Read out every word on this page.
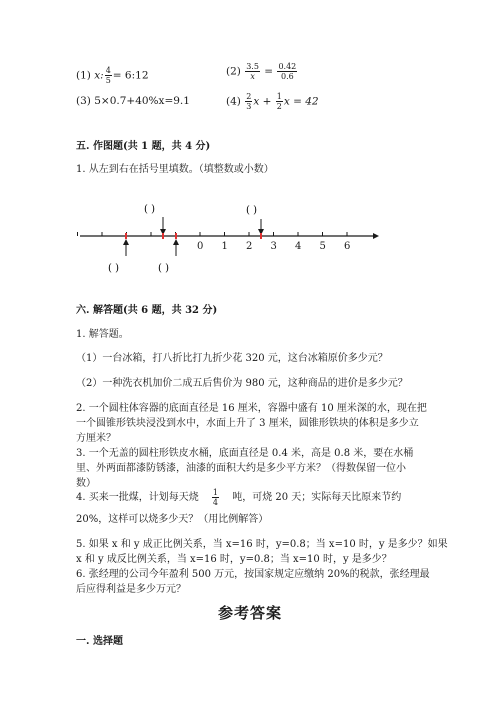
(1) x: $\frac{4}{5}$ = 6:12	$(2) \frac{3.5}{x} = \frac{0.42}{0.6}$
(3) 5×0.7+40%x=9.1	$(4) \frac{2}{3}$ $x + \frac{1}{2}$ x = 42
五. 作图题(共 1 题，共 4 分)
1. 从左到右在括号里填数。（填整数或小数）
( )	( )
0 1 2 3 4 5 6
( )	( )
六. 解答题(共 6 题，共 32 分)
1. 解答题。
（1）一台冰箱，打八折比打九折少花 320 元，这台冰箱原价多少元？
（2）一种洗衣机加价二成五后售价为 980 元，这种商品的进价是多少元？
2. 一个圆柱体容器的底面直径是 16 厘米，容器中盛有 10 厘米深的水，现在把
一个圆锥形铁块浸没到水中，水面上升了 3 厘米，圆锥形铁块的体积是多少立
方厘米？
3. 一个无盖的圆柱形铁皮水桶，底面直径是 0.4 米，高是 0.8 米，要在水桶
里、外两面都漆防锈漆，油漆的面积大约是多少平方米？（得数保留一位小
数）
4. 买来一批煤，计划每天烧 $\frac{1}{4}$ 吨，可烧 20 天；实际每天比原来节约
20%，这样可以烧多少天？（用比例解答）
5. 如果 x 和 y 成正比例关系，当 x=16 时，y=0.8；当 x=10 时，y 是多少？如果
x 和 y 成反比例关系，当 x=16 时，y=0.8；当 x=10 时，y 是多少？
6. 张经理的公司今年盈利 500 万元，按国家规定应缴纳 20%的税款，张经理最
后应得利益是多少万元？
参考答案
一. 选择题
